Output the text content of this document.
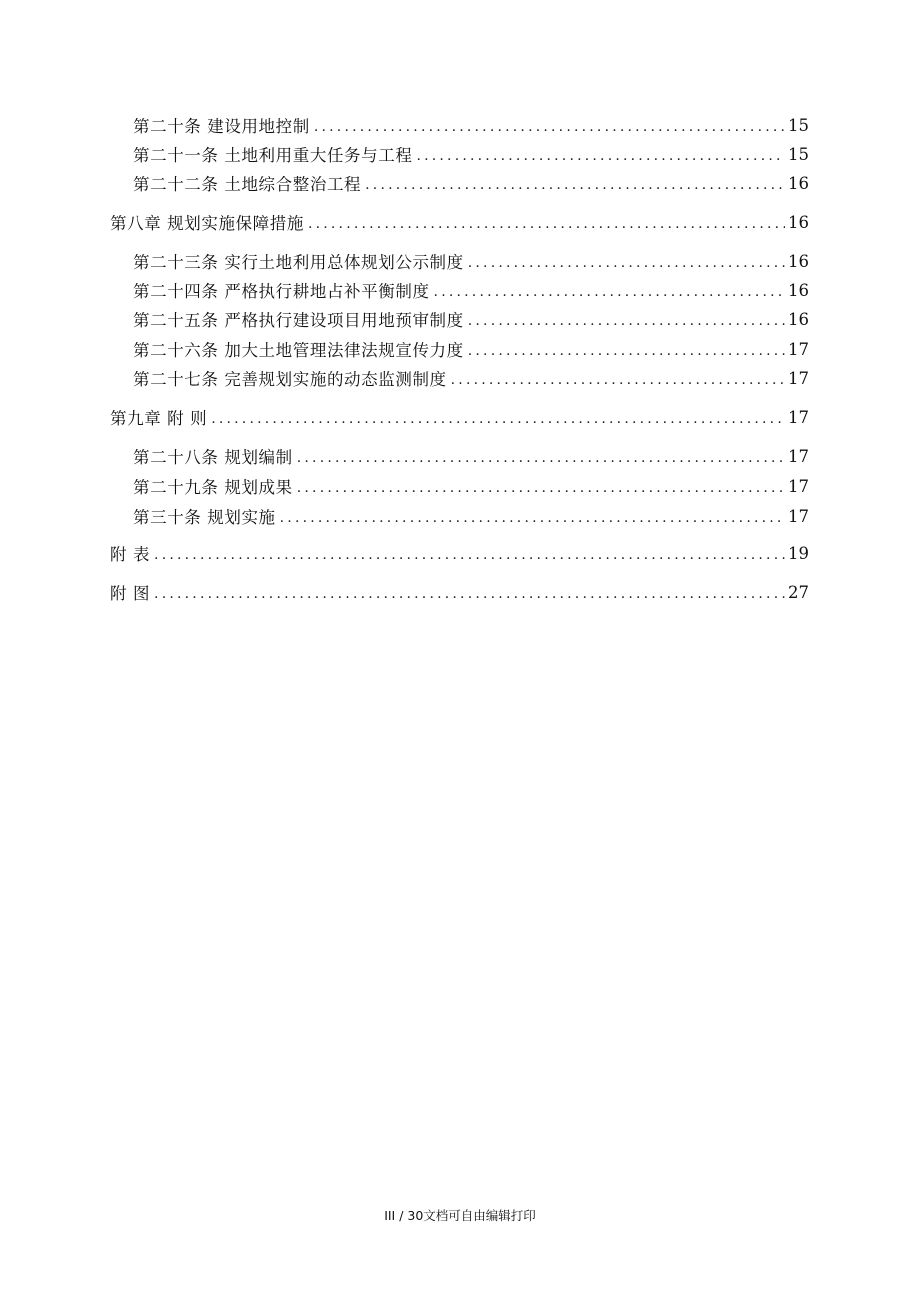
第二十条 建设用地控制 .....	15
第二十一条 土地利用重大任务与工程 .....	15
第二十二条 土地综合整治工程 .....	16
第八章 规划实施保障措施 .....	16
第二十三条 实行土地利用总体规划公示制度 .....	16
第二十四条 严格执行耕地占补平衡制度 .....	16
第二十五条 严格执行建设项目用地预审制度 .....	16
第二十六条 加大土地管理法律法规宣传力度 .....	17
第二十七条 完善规划实施的动态监测制度 .....	17
第九章 附 则 .....	17
第二十八条 规划编制 .....	17
第二十九条 规划成果 .....	17
第三十条 规划实施 .....	17
附 表 .....	19
附 图 .....	27
III / 30文档可自由编辑打印
